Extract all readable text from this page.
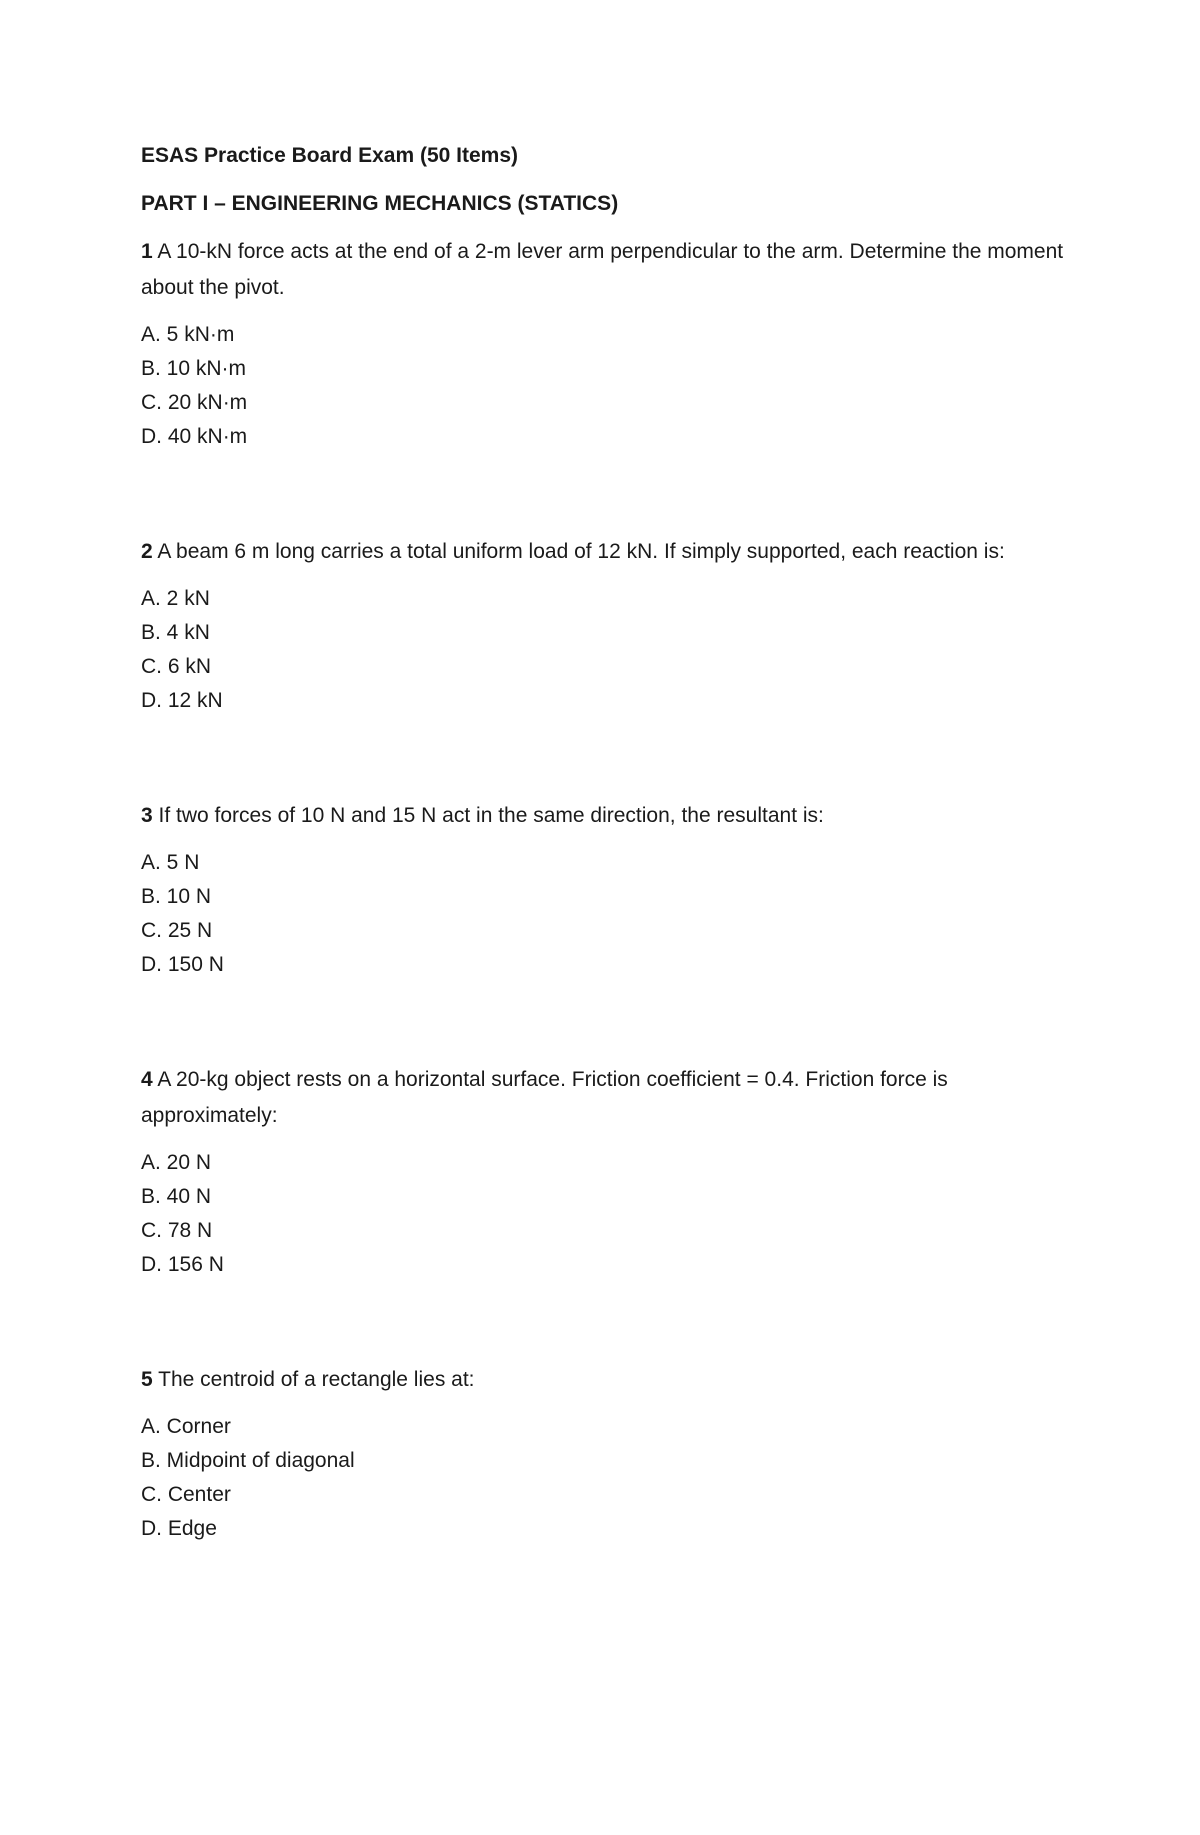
ESAS Practice Board Exam (50 Items)

PART I – ENGINEERING MECHANICS (STATICS)

1 A 10-kN force acts at the end of a 2-m lever arm perpendicular to the arm. Determine the moment about the pivot.

A. 5 kN·m
B. 10 kN·m
C. 20 kN·m
D. 40 kN·m

2 A beam 6 m long carries a total uniform load of 12 kN. If simply supported, each reaction is:

A. 2 kN
B. 4 kN
C. 6 kN
D. 12 kN

3 If two forces of 10 N and 15 N act in the same direction, the resultant is:

A. 5 N
B. 10 N
C. 25 N
D. 150 N

4 A 20-kg object rests on a horizontal surface. Friction coefficient = 0.4. Friction force is approximately:

A. 20 N
B. 40 N
C. 78 N
D. 156 N

5 The centroid of a rectangle lies at:

A. Corner
B. Midpoint of diagonal
C. Center
D. Edge
